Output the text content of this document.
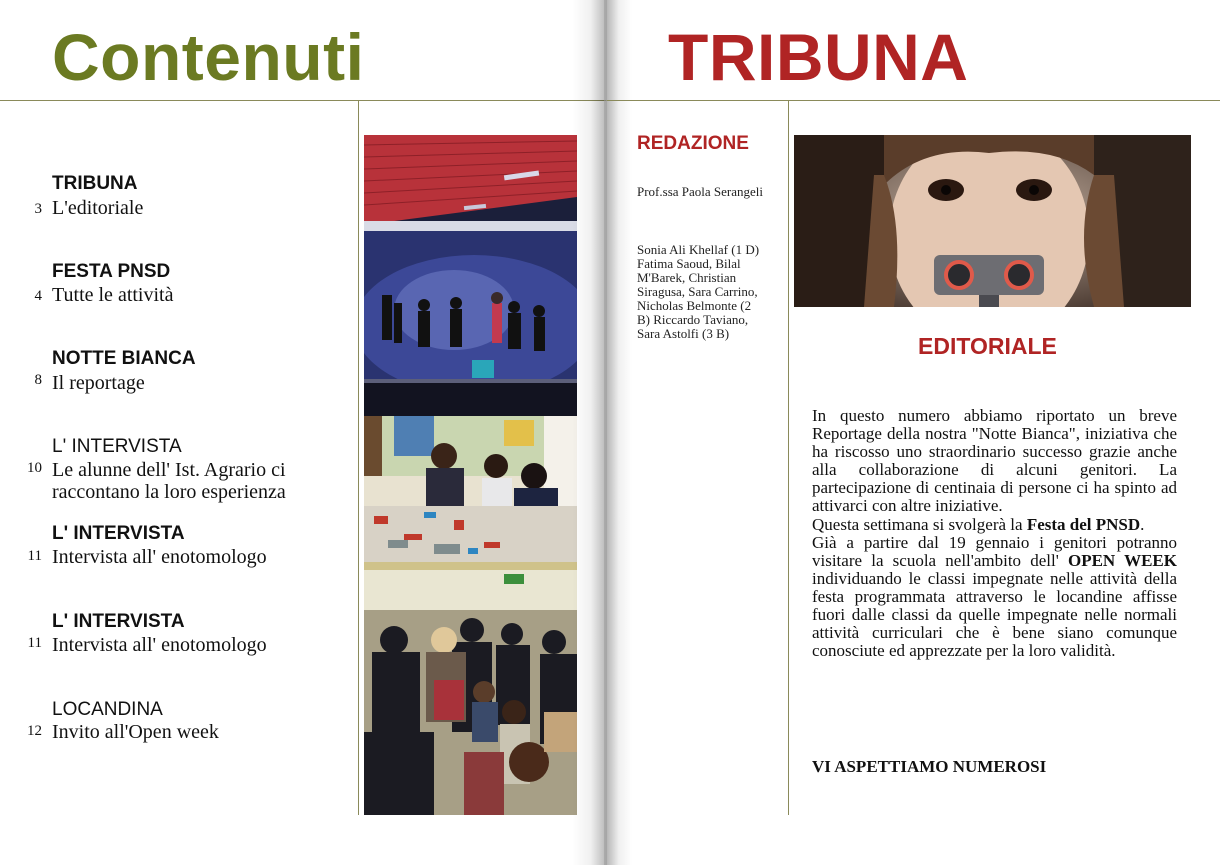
Contenuti
TRIBUNA
3 L'editoriale
FESTA PNSD
4 Tutte le attività
NOTTE BIANCA
8 Il reportage
L' INTERVISTA
10 Le alunne dell' Ist. Agrario ci raccontano la loro esperienza
L' INTERVISTA
11 Intervista all' enotomologo
L' INTERVISTA
11 Intervista all' enotomologo
LOCANDINA
12 Invito all'Open week
TRIBUNA
REDAZIONE
Prof.ssa Paola Serangeli
Sonia Ali Khellaf (1 D) Fatima Saoud, Bilal M'Barek, Christian Siragusa, Sara Carrino, Nicholas Belmonte (2 B) Riccardo Taviano, Sara Astolfi (3 B)	EDITORIALE

In questo numero abbiamo riportato un breve Reportage della nostra "Notte Bianca", iniziativa che ha riscosso uno straordinario successo grazie anche alla collaborazione di alcuni genitori. La partecipazione di centinaia di persone ci ha spinto ad attivarci con altre iniziative.

Questa settimana si svolgerà la Festa del PNSD.

Già a partire dal 19 gennaio i genitori potranno visitare la scuola nell'ambito dell' OPEN WEEK individuando le classi impegnate nelle attività della festa programmata attraverso le locandine affisse fuori dalle classi da quelle impegnate nelle normali attività curriculari che è bene siano comunque conosciute ed apprezzate per la loro validità.

VI ASPETTIAMO NUMEROSI
